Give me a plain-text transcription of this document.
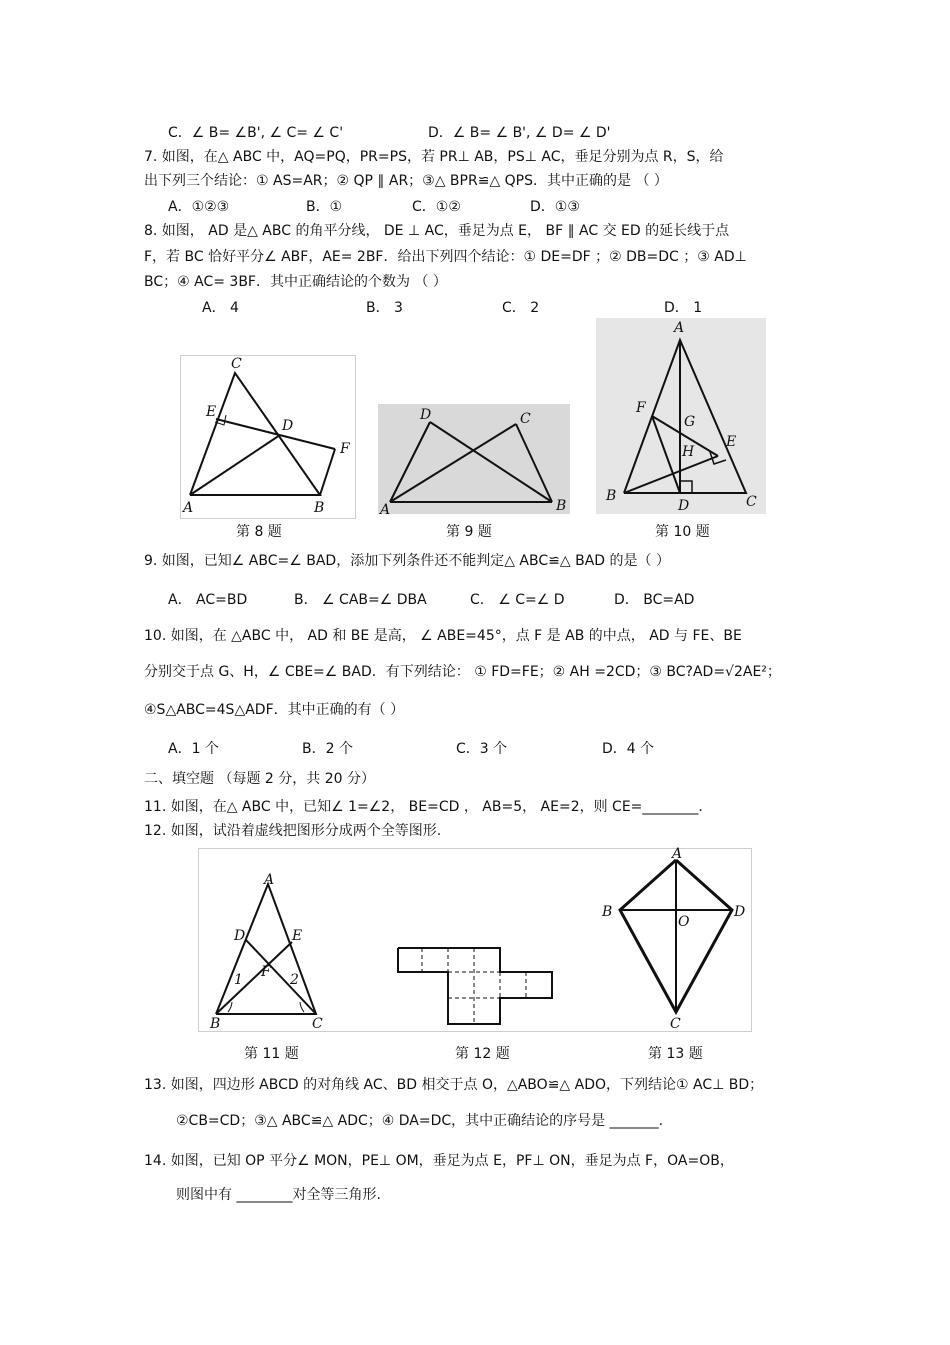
C．∠ B= ∠B', ∠ C= ∠ C'	D．∠ B= ∠ B', ∠ D= ∠ D'
7. 如图，在△ ABC 中，AQ=PQ，PR=PS，若 PR⊥ AB，PS⊥ AC，垂足分别为点 R，S，给
出下列三个结论：① AS=AR；② QP ∥ AR；③△ BPR≌△ QPS．其中正确的是 （ ）
A．①②③	B．①	C．①②	D．①③
8. 如图， AD 是△ ABC 的角平分线， DE ⊥ AC，垂足为点 E， BF ∥ AC 交 ED 的延长线于点
F，若 BC 恰好平分∠ ABF，AE= 2BF．给出下列四个结论：① DE=DF ；② DB=DC ；③ AD⊥
BC；④ AC= 3BF．其中正确结论的个数为 （ ）
A． 4	B． 3	C． 2	D． 1
C
E
D
F
A	B
D	C
A	B
A
F
G
H
E
B
D	C
第 8 题	第 9 题	第 10 题
9. 如图，已知∠ ABC=∠ BAD，添加下列条件还不能判定△ ABC≌△ BAD 的是（ ）
A． AC=BD	B． ∠ CAB=∠ DBA	C． ∠ C=∠ D	D． BC=AD
10. 如图，在 △ABC 中， AD 和 BE 是高， ∠ ABE=45°，点 F 是 AB 的中点， AD 与 FE、BE
分别交于点 G、H，∠ CBE=∠ BAD．有下列结论： ① FD=FE；② AH =2CD；③ BC?AD=√2AE²；
④S△ABC=4S△ADF．其中正确的有（ ）
A．1 个	B．2 个	C．3 个	D．4 个
二、填空题 （每题 2 分，共 20 分）
11. 如图，在△ ABC 中，已知∠ 1=∠2， BE=CD ， AB=5， AE=2，则 CE=________.
12. 如图，试沿着虚线把图形分成两个全等图形.
A
D	E
F
1	2
B	C
A
B
O
D
C
第 11 题	第 12 题	第 13 题
13. 如图，四边形 ABCD 的对角线 AC、BD 相交于点 O，△ABO≌△ ADO，下列结论① AC⊥ BD；
②CB=CD；③△ ABC≌△ ADC；④ DA=DC，其中正确结论的序号是 _______.
14. 如图，已知 OP 平分∠ MON，PE⊥ OM，垂足为点 E，PF⊥ ON，垂足为点 F，OA=OB，
则图中有 ________对全等三角形.
